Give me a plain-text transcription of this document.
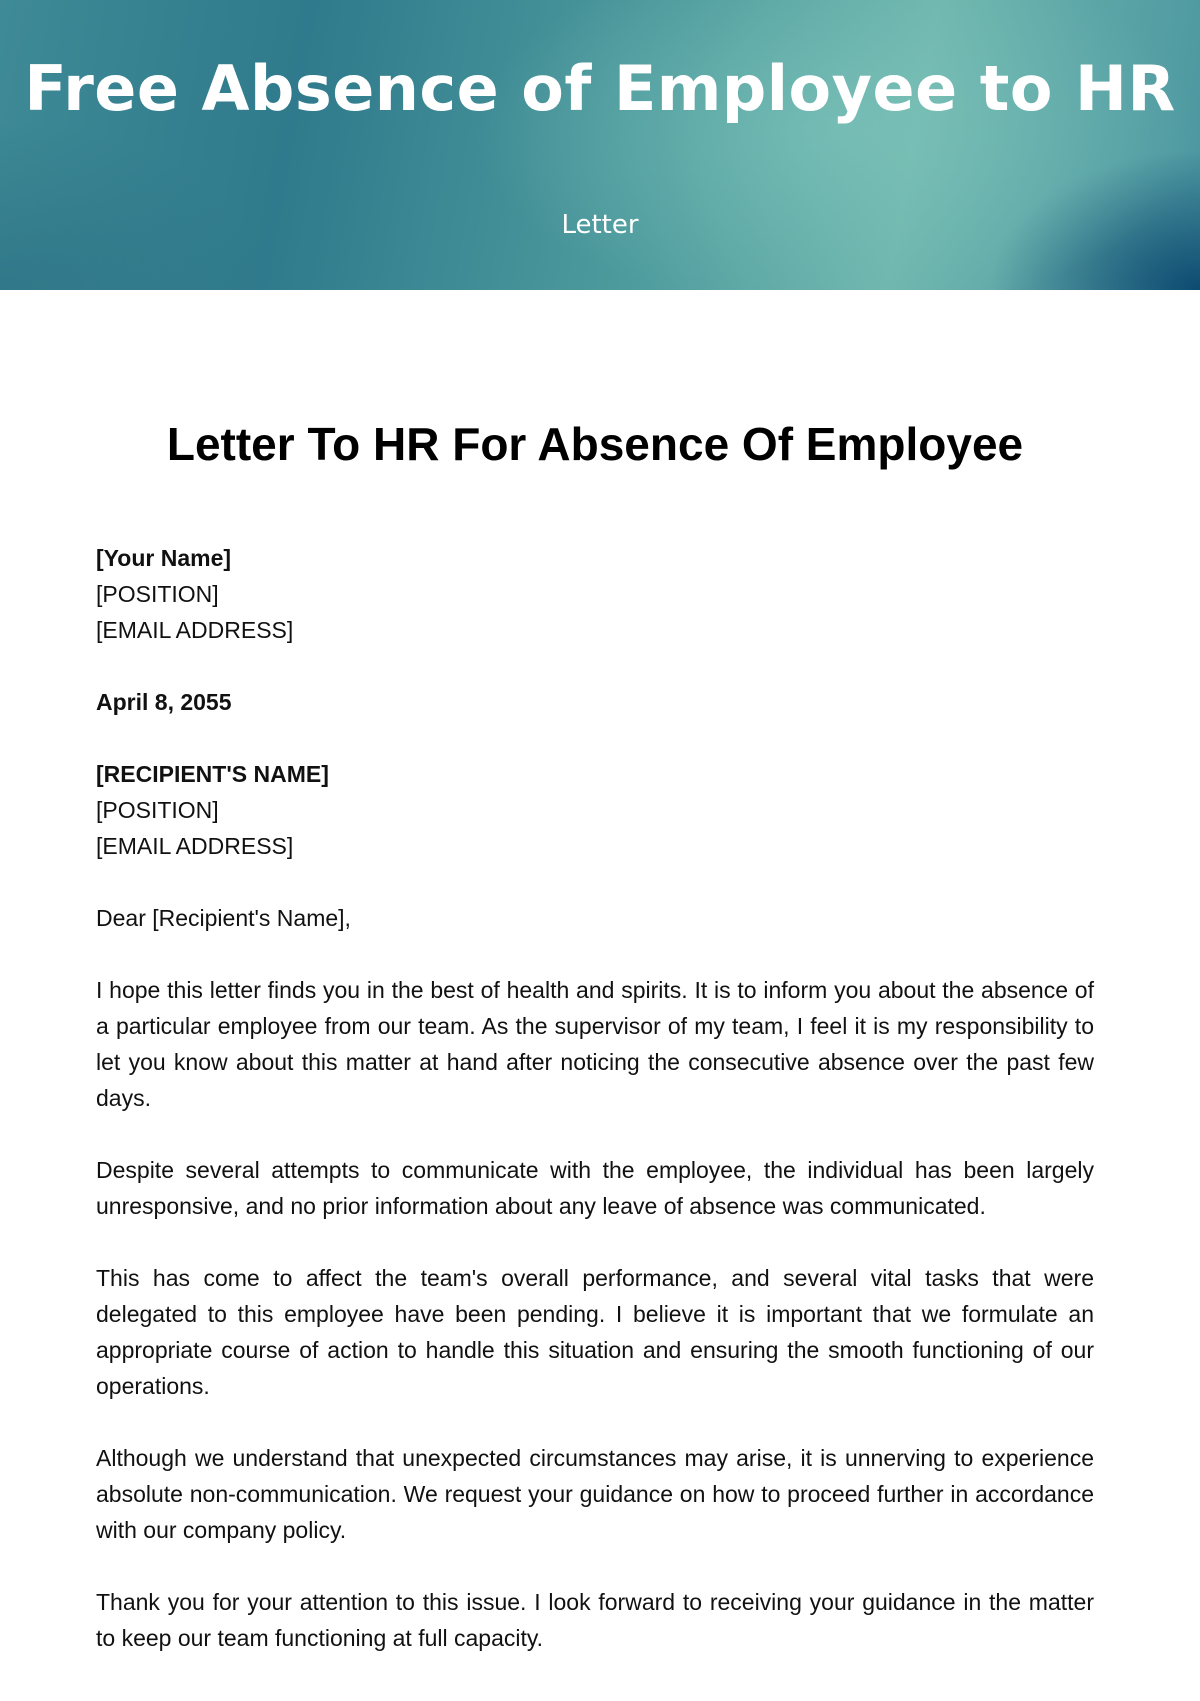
Free Absence of Employee to HR
Letter
Letter To HR For Absence Of Employee
[Your Name]
[POSITION]
[EMAIL ADDRESS]
April 8, 2055
[RECIPIENT'S NAME]
[POSITION]
[EMAIL ADDRESS]
Dear [Recipient's Name],

I hope this letter finds you in the best of health and spirits. It is to inform you about the absence of a particular employee from our team. As the supervisor of my team, I feel it is my responsibility to let you know about this matter at hand after noticing the consecutive absence over the past few days.

Despite several attempts to communicate with the employee, the individual has been largely unresponsive, and no prior information about any leave of absence was communicated.

This has come to affect the team's overall performance, and several vital tasks that were delegated to this employee have been pending. I believe it is important that we formulate an appropriate course of action to handle this situation and ensuring the smooth functioning of our operations.

Although we understand that unexpected circumstances may arise, it is unnerving to experience absolute non-communication. We request your guidance on how to proceed further in accordance with our company policy.

Thank you for your attention to this issue. I look forward to receiving your guidance in the matter to keep our team functioning at full capacity.
